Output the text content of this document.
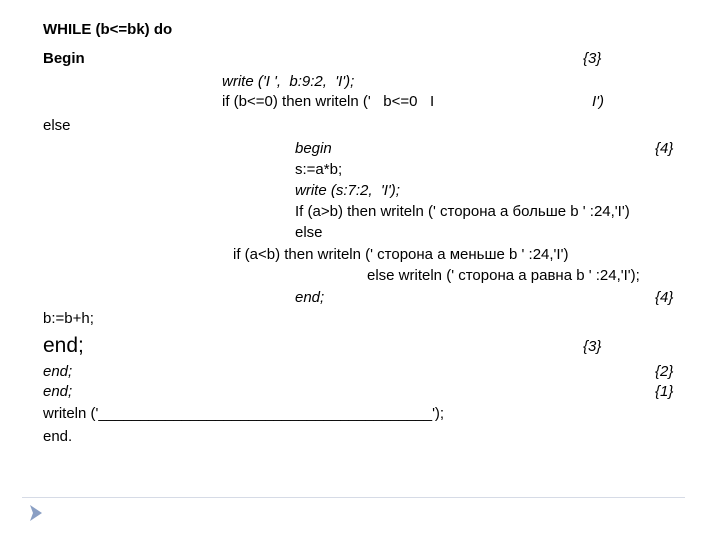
WHILE (b<=bk) do
Begin	{3}
write ('I ',  b:9:2,  'I');
if (b<=0) then writeln ('   b<=0   I	I')
else
begin	{4}
s:=a*b;
write (s:7:2,  'I');
If (a>b) then writeln (' сторона а больше b ' :24,'I')
else
if (a<b) then writeln (' сторона а меньше b ' :24,'I')
else writeln (' сторона а равна b ' :24,'I');
end;	{4}
b:=b+h;
end;	{3}
end;	{2}
end;	{1}
writeln ('________________________________________');
end.
